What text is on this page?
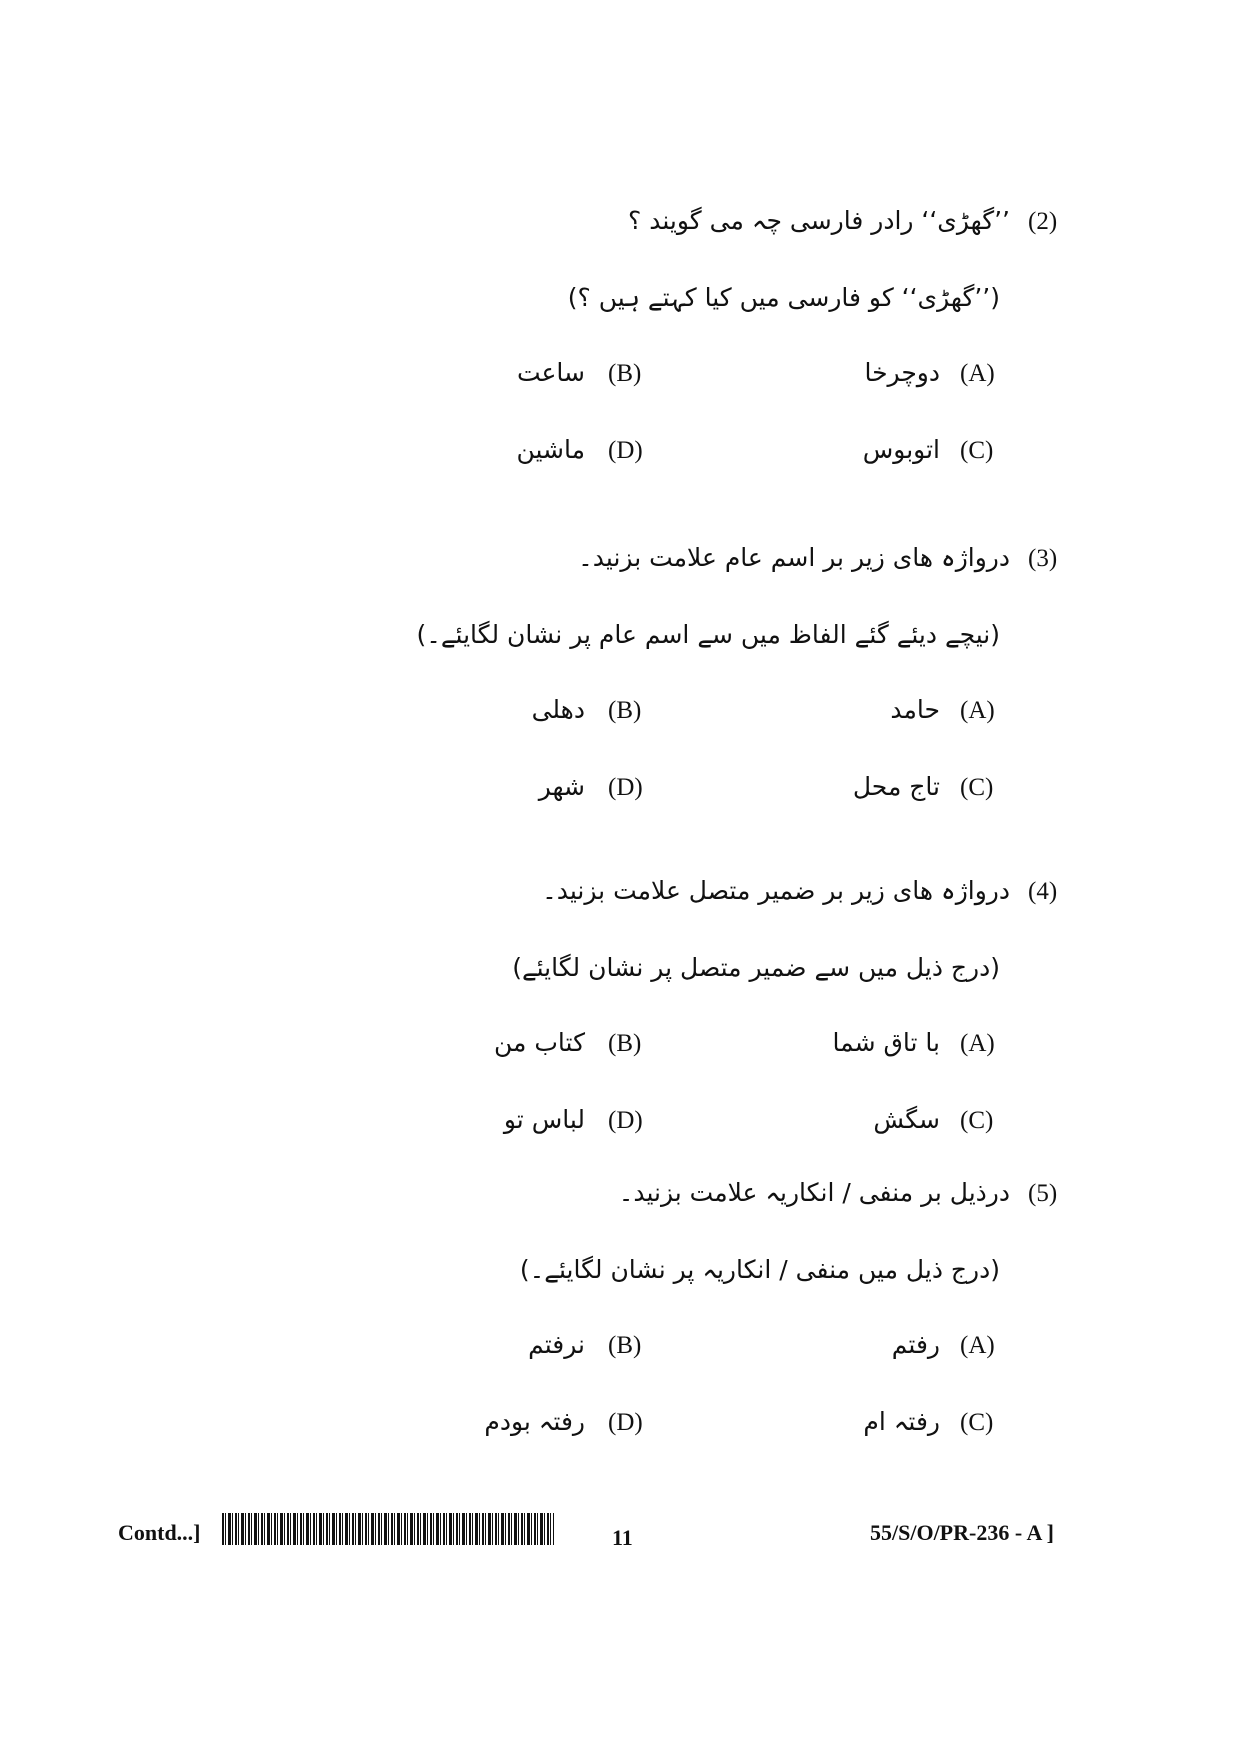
(2)
’’گھڑی‘‘ رادر فارسی چہ می گویند ؟
(’’گھڑی‘‘ کو فارسی میں کیا کہتے ہیں ؟)
(A)
دوچرخا
(B)
ساعت
(C)
اتوبوس
(D)
ماشین
(3)
درواژہ ھای زیر بر اسم عام علامت بزنید۔
(نیچے دیئے گئے الفاظ میں سے اسم عام پر نشان لگایئے۔)
(A)
حامد
(B)
دھلی
(C)
تاج محل
(D)
شھر
(4)
درواژہ ھای زیر بر ضمیر متصل علامت بزنید۔
(درج ذیل میں سے ضمیر متصل پر نشان لگایئے)
(A)
با تاق شما
(B)
کتاب من
(C)
سگش
(D)
لباس تو
(5)
درذیل بر منفی / انکاریہ علامت بزنید۔
(درج ذیل میں منفی / انکاریہ پر نشان لگایئے۔)
(A)
رفتم
(B)
نرفتم
(C)
رفتہ ام
(D)
رفتہ بودم
Contd...]	11	55/S/O/PR-236 - A ]
